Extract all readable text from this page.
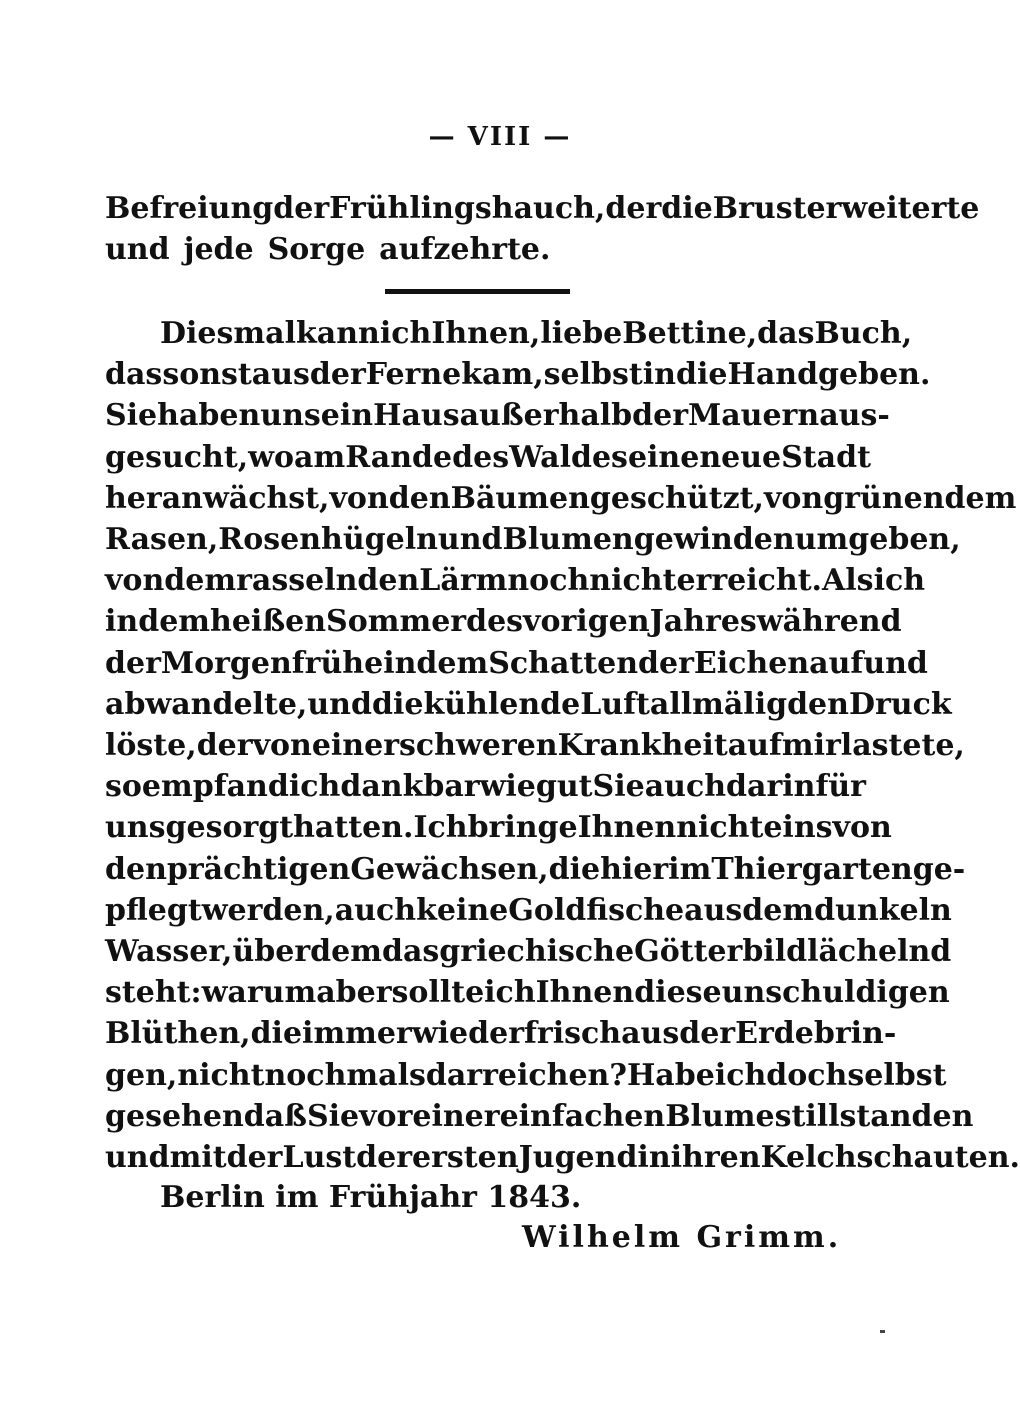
— VIII —
Befreiung der Frühlingshauch, der die Brust erweiterte
und jede Sorge aufzehrte.
Diesmal kann ich Ihnen, liebe Bettine, das Buch,
das sonst aus der Ferne kam, selbst in die Hand geben.
Sie haben uns ein Haus außerhalb der Mauern aus-
gesucht, wo am Rande des Waldes eine neue Stadt
heranwächst, von den Bäumen geschützt, von grünendem
Rasen, Rosenhügeln und Blumengewinden umgeben,
von dem rasselnden Lärm noch nicht erreicht. Als ich
in dem heißen Sommer des vorigen Jahres während
der Morgenfrühe in dem Schatten der Eichen auf und
ab wandelte, und die kühlende Luft allmälig den Druck
löste, der von einer schweren Krankheit auf mir lastete,
so empfand ich dankbar wie gut Sie auch darin für
uns gesorgt hatten. Ich bringe Ihnen nicht eins von
den prächtigen Gewächsen, die hier im Thiergarten ge-
pflegt werden, auch keine Goldfische aus dem dunkeln
Wasser, über dem das griechische Götterbild lächelnd
steht: warum aber sollte ich Ihnen diese unschuldigen
Blüthen, die immer wieder frisch aus der Erde brin-
gen, nicht nochmals darreichen? Habe ich doch selbst
gesehen daß Sie vor einer einfachen Blume still standen
und mit der Lust der ersten Jugend in ihren Kelch schauten.
Berlin im Frühjahr 1843.
Wilhelm Grimm.
